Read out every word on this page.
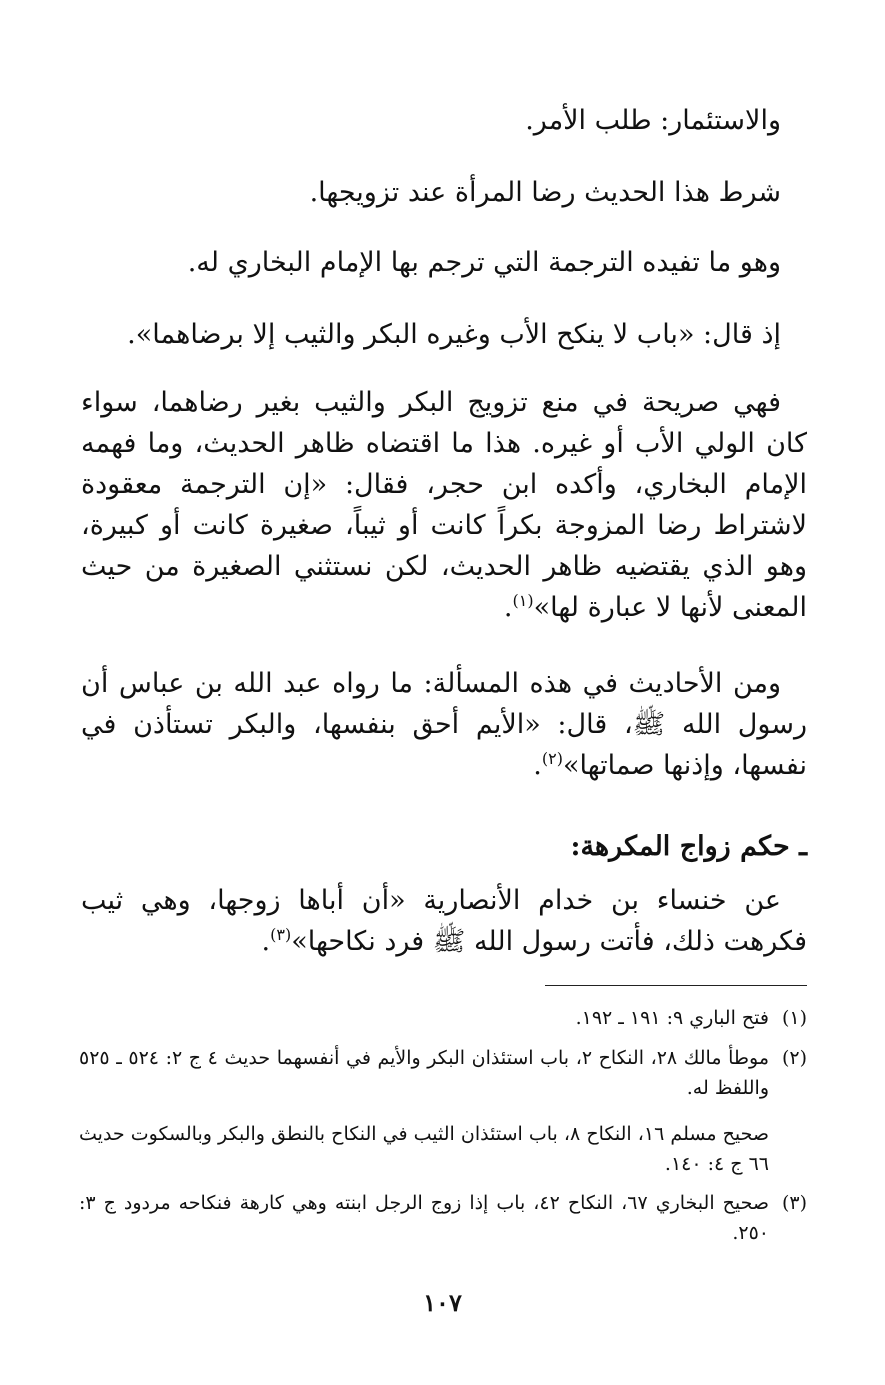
والاستئمار: طلب الأمر.
شرط هذا الحديث رضا المرأة عند تزويجها.
وهو ما تفيده الترجمة التي ترجم بها الإمام البخاري له.
إذ قال: «باب لا ينكح الأب وغيره البكر والثيب إلا برضاهما».
فهي صريحة في منع تزويج البكر والثيب بغير رضاهما، سواء كان الولي الأب أو غيره. هذا ما اقتضاه ظاهر الحديث، وما فهمه الإمام البخاري، وأكده ابن حجر، فقال: «إن الترجمة معقودة لاشتراط رضا المزوجة بكراً كانت أو ثيباً، صغيرة كانت أو كبيرة، وهو الذي يقتضيه ظاهر الحديث، لكن نستثني الصغيرة من حيث المعنى لأنها لا عبارة لها»$^{(١)}$.
ومن الأحاديث في هذه المسألة: ما رواه عبد الله بن عباس أن رسول الله ﷺ، قال: «الأيم أحق بنفسها، والبكر تستأذن في نفسها، وإذنها صماتها»$^{(٢)}$.
ـ حكم زواج المكرهة:
عن خنساء بن خدام الأنصارية «أن أباها زوجها، وهي ثيب فكرهت ذلك، فأتت رسول الله ﷺ فرد نكاحها»$^{(٣)}$.
(١)
فتح الباري ٩: ١٩١ ـ ١٩٢.
(٢)
موطأ مالك ٢٨، النكاح ٢، باب استئذان البكر والأيم في أنفسهما حديث ٤ ج ٢: ٥٢٤ ـ ٥٢٥ واللفظ له.
صحيح مسلم ١٦، النكاح ٨، باب استئذان الثيب في النكاح بالنطق والبكر وبالسكوت حديث ٦٦ ج ٤: ١٤٠.
(٣)
صحيح البخاري ٦٧، النكاح ٤٢، باب إذا زوج الرجل ابنته وهي كارهة فنكاحه مردود ج ٣: ٢٥٠.
١٠٧
